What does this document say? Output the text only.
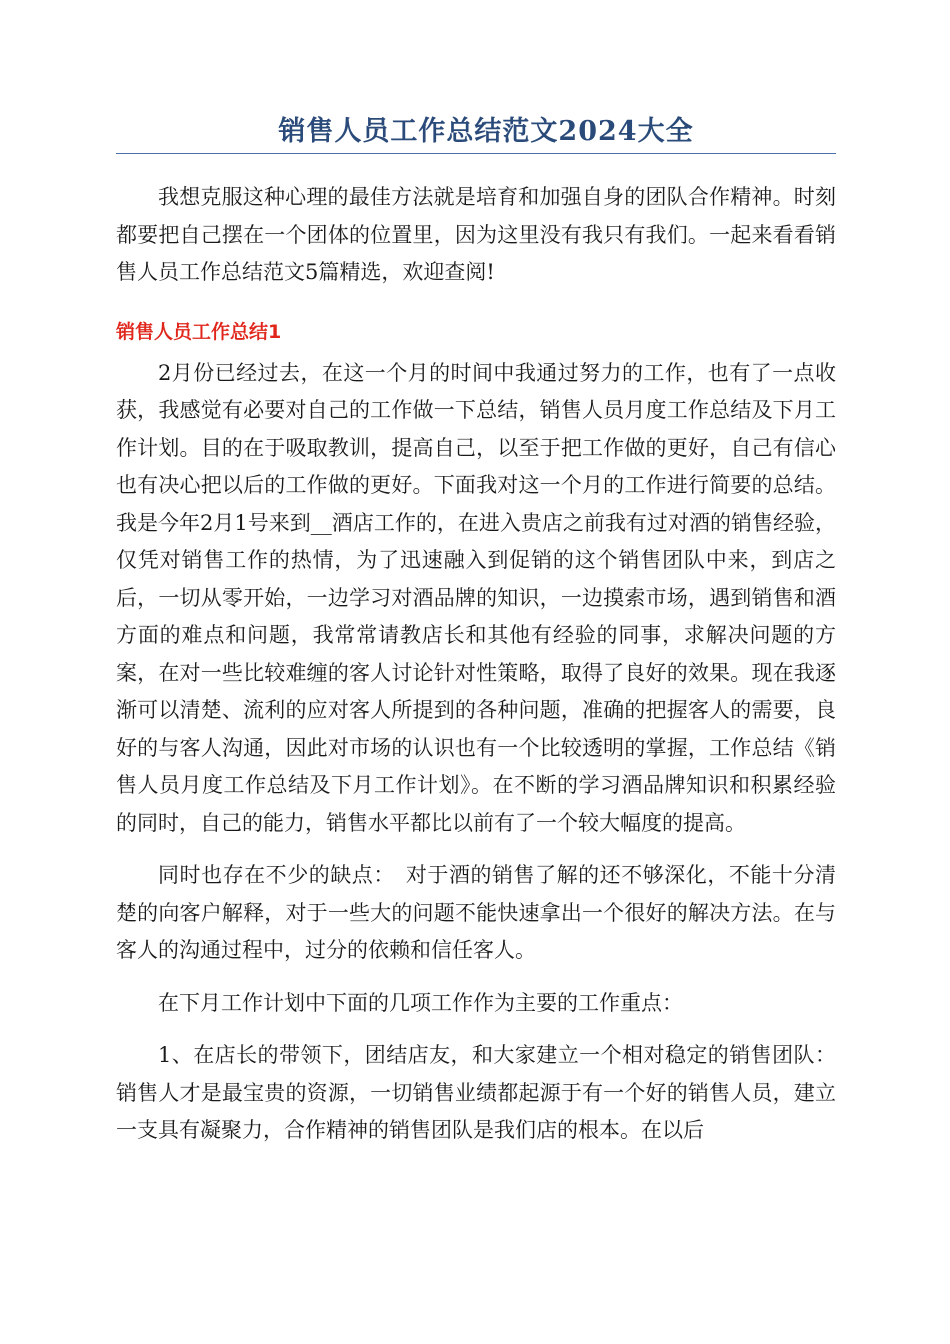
销售人员工作总结范文2024大全

我想克服这种心理的最佳方法就是培育和加强自身的团队合作精神。时刻都要把自己摆在一个团体的位置里，因为这里没有我只有我们。一起来看看销售人员工作总结范文5篇精选，欢迎查阅!

销售人员工作总结1

2月份已经过去，在这一个月的时间中我通过努力的工作，也有了一点收获，我感觉有必要对自己的工作做一下总结，销售人员月度工作总结及下月工作计划。目的在于吸取教训，提高自己，以至于把工作做的更好，自己有信心也有决心把以后的工作做的更好。下面我对这一个月的工作进行简要的总结。我是今年2月1号来到__酒店工作的，在进入贵店之前我有过对酒的销售经验，仅凭对销售工作的热情，为了迅速融入到促销的这个销售团队中来，到店之后，一切从零开始，一边学习对酒品牌的知识，一边摸索市场，遇到销售和酒方面的难点和问题，我常常请教店长和其他有经验的同事，求解决问题的方案，在对一些比较难缠的客人讨论针对性策略，取得了良好的效果。现在我逐渐可以清楚、流利的应对客人所提到的各种问题，准确的把握客人的需要，良好的与客人沟通，因此对市场的认识也有一个比较透明的掌握，工作总结《销售人员月度工作总结及下月工作计划》。在不断的学习酒品牌知识和积累经验的同时，自己的能力，销售水平都比以前有了一个较大幅度的提高。

同时也存在不少的缺点：　对于酒的销售了解的还不够深化，不能十分清楚的向客户解释，对于一些大的问题不能快速拿出一个很好的解决方法。在与客人的沟通过程中，过分的依赖和信任客人。

在下月工作计划中下面的几项工作作为主要的工作重点：

1、在店长的带领下，团结店友，和大家建立一个相对稳定的销售团队：销售人才是最宝贵的资源，一切销售业绩都起源于有一个好的销售人员，建立一支具有凝聚力，合作精神的销售团队是我们店的根本。在以后
